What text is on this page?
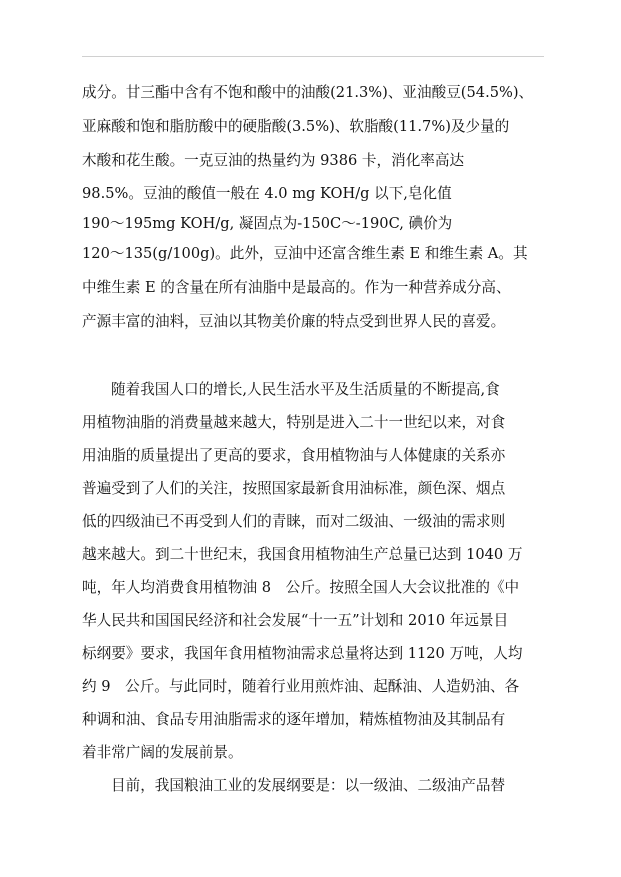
成分。甘三酯中含有不饱和酸中的油酸(21.3%)、亚油酸豆(54.5%)、
亚麻酸和饱和脂肪酸中的硬脂酸(3.5%)、软脂酸(11.7%)及少量的
木酸和花生酸。一克豆油的热量约为 9386 卡，消化率高达
98.5%。豆油的酸值一般在 4.0 mg KOH/g 以下,皂化值
190～195mg KOH/g, 凝固点为-150C～-190C, 碘价为
120～135(g/100g)。此外，豆油中还富含维生素 E 和维生素 A。其
中维生素 E 的含量在所有油脂中是最高的。作为一种营养成分高、
产源丰富的油料，豆油以其物美价廉的特点受到世界人民的喜爱。
随着我国人口的增长,人民生活水平及生活质量的不断提高,食
用植物油脂的消费量越来越大，特别是进入二十一世纪以来，对食
用油脂的质量提出了更高的要求，食用植物油与人体健康的关系亦
普遍受到了人们的关注，按照国家最新食用油标准，颜色深、烟点
低的四级油已不再受到人们的青睐，而对二级油、一级油的需求则
越来越大。到二十世纪末，我国食用植物油生产总量已达到 1040 万
吨，年人均消费食用植物油 8　公斤。按照全国人大会议批准的《中
华人民共和国国民经济和社会发展“十一五”计划和 2010 年远景目
标纲要》要求，我国年食用植物油需求总量将达到 1120 万吨，人均
约 9　公斤。与此同时，随着行业用煎炸油、起酥油、人造奶油、各
种调和油、食品专用油脂需求的逐年增加，精炼植物油及其制品有
着非常广阔的发展前景。
目前，我国粮油工业的发展纲要是：以一级油、二级油产品替
